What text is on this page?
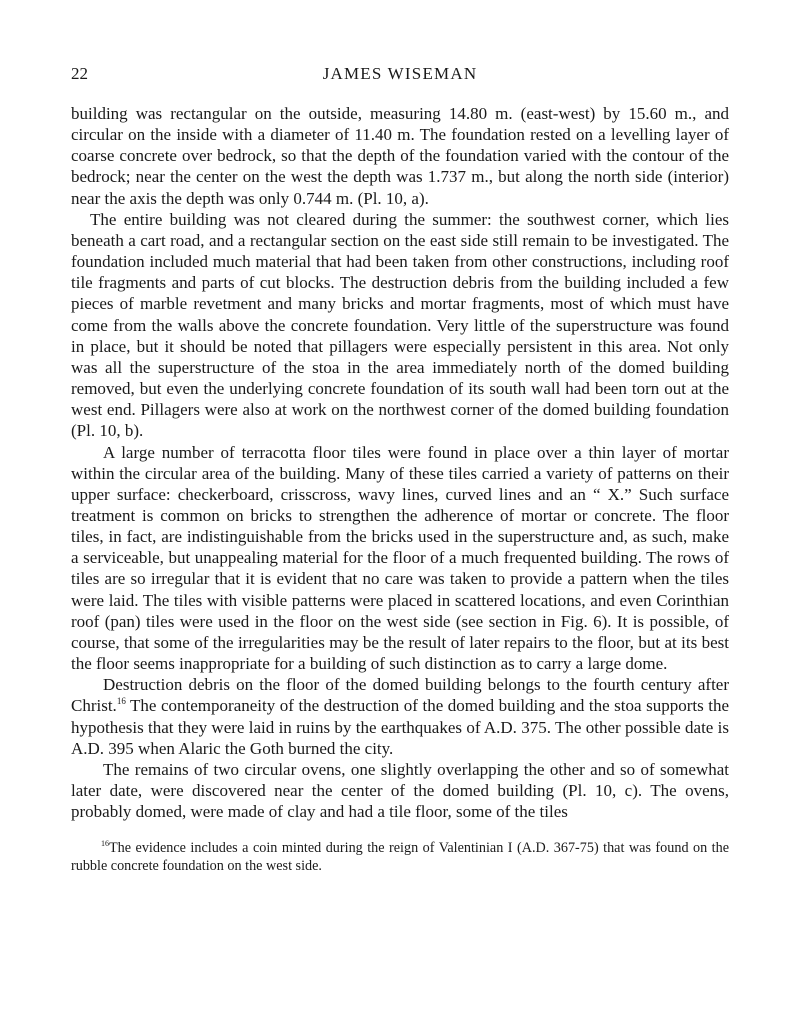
22	JAMES WISEMAN

building was rectangular on the outside, measuring 14.80 m. (east-west) by 15.60 m., and circular on the inside with a diameter of 11.40 m. The foundation rested on a levelling layer of coarse concrete over bedrock, so that the depth of the foundation varied with the contour of the bedrock; near the center on the west the depth was 1.737 m., but along the north side (interior) near the axis the depth was only 0.744 m. (Pl. 10, a).

The entire building was not cleared during the summer: the southwest corner, which lies beneath a cart road, and a rectangular section on the east side still remain to be investigated. The foundation included much material that had been taken from other constructions, including roof tile fragments and parts of cut blocks. The destruction debris from the building included a few pieces of marble revetment and many bricks and mortar fragments, most of which must have come from the walls above the concrete foundation. Very little of the superstructure was found in place, but it should be noted that pillagers were especially persistent in this area. Not only was all the superstructure of the stoa in the area immediately north of the domed building removed, but even the underlying concrete foundation of its south wall had been torn out at the west end. Pillagers were also at work on the northwest corner of the domed building foundation (Pl. 10, b).

A large number of terracotta floor tiles were found in place over a thin layer of mortar within the circular area of the building. Many of these tiles carried a variety of patterns on their upper surface: checkerboard, crisscross, wavy lines, curved lines and an “ X.” Such surface treatment is common on bricks to strengthen the adherence of mortar or concrete. The floor tiles, in fact, are indistinguishable from the bricks used in the superstructure and, as such, make a serviceable, but unappealing material for the floor of a much frequented building. The rows of tiles are so irregular that it is evident that no care was taken to provide a pattern when the tiles were laid. The tiles with visible patterns were placed in scattered locations, and even Corinthian roof (pan) tiles were used in the floor on the west side (see section in Fig. 6). It is possible, of course, that some of the irregularities may be the result of later repairs to the floor, but at its best the floor seems inappropriate for a building of such distinction as to carry a large dome.

Destruction debris on the floor of the domed building belongs to the fourth century after Christ.$^{16}$ The contemporaneity of the destruction of the domed building and the stoa supports the hypothesis that they were laid in ruins by the earthquakes of A.D. 375. The other possible date is A.D. 395 when Alaric the Goth burned the city.

The remains of two circular ovens, one slightly overlapping the other and so of somewhat later date, were discovered near the center of the domed building (Pl. 10, c). The ovens, probably domed, were made of clay and had a tile floor, some of the tiles

$^{16}$The evidence includes a coin minted during the reign of Valentinian I (A.D. 367-75) that was found on the rubble concrete foundation on the west side.
